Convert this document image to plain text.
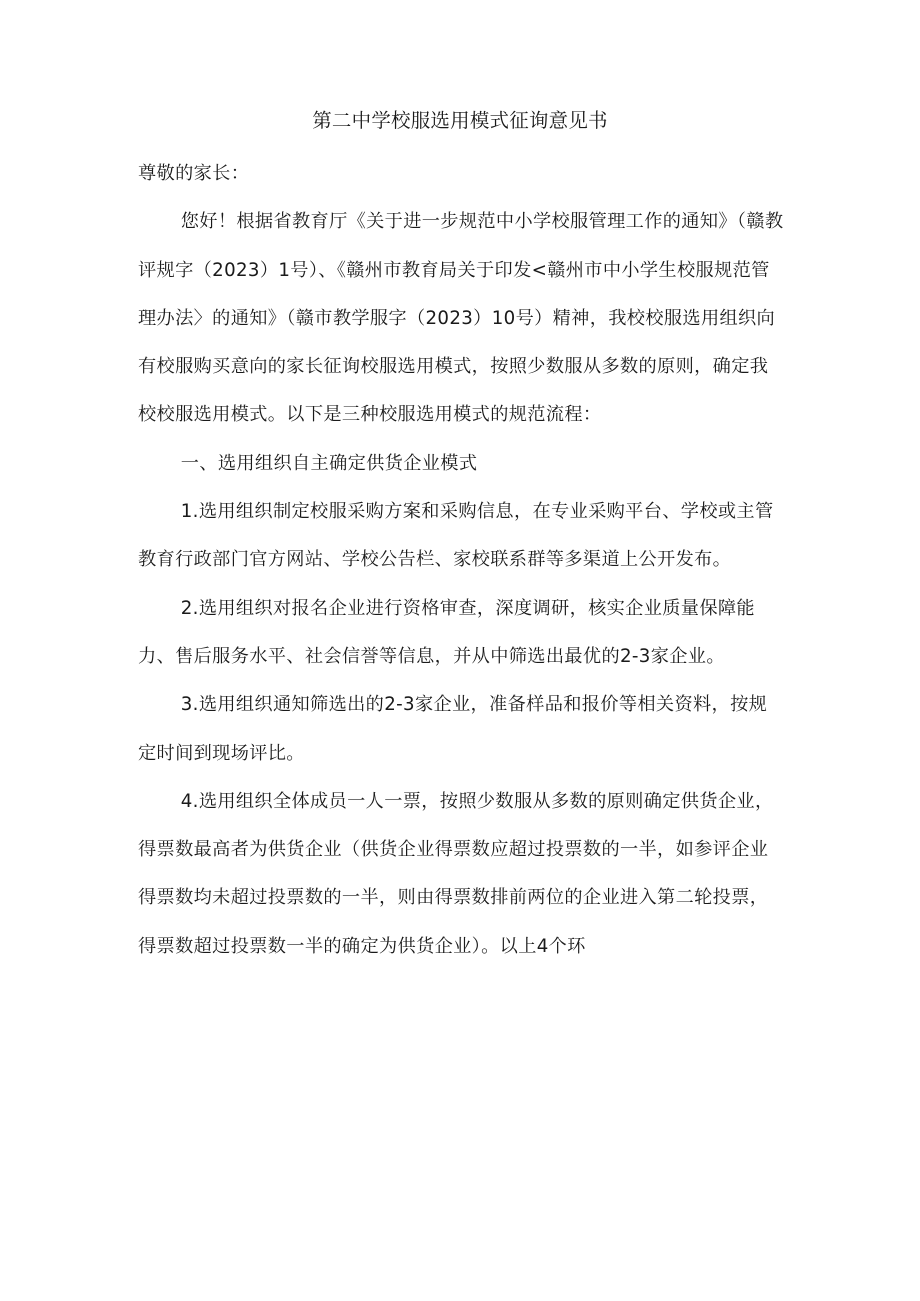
第二中学校服选用模式征询意见书

尊敬的家长：

您好！根据省教育厅《关于进一步规范中小学校服管理工作的通知》（赣教评规字（2023）1号）、《赣州市教育局关于印发<赣州市中小学生校服规范管理办法〉的通知》（赣市教学服字（2023）10号）精神，我校校服选用组织向有校服购买意向的家长征询校服选用模式，按照少数服从多数的原则，确定我校校服选用模式。以下是三种校服选用模式的规范流程：

一、选用组织自主确定供货企业模式

1.选用组织制定校服采购方案和采购信息，在专业采购平台、学校或主管教育行政部门官方网站、学校公告栏、家校联系群等多渠道上公开发布。

2.选用组织对报名企业进行资格审查，深度调研，核实企业质量保障能力、售后服务水平、社会信誉等信息，并从中筛选出最优的2-3家企业。

3.选用组织通知筛选出的2-3家企业，准备样品和报价等相关资料，按规定时间到现场评比。

4.选用组织全体成员一人一票，按照少数服从多数的原则确定供货企业，得票数最高者为供货企业（供货企业得票数应超过投票数的一半，如参评企业得票数均未超过投票数的一半，则由得票数排前两位的企业进入第二轮投票，得票数超过投票数一半的确定为供货企业）。以上4个环
